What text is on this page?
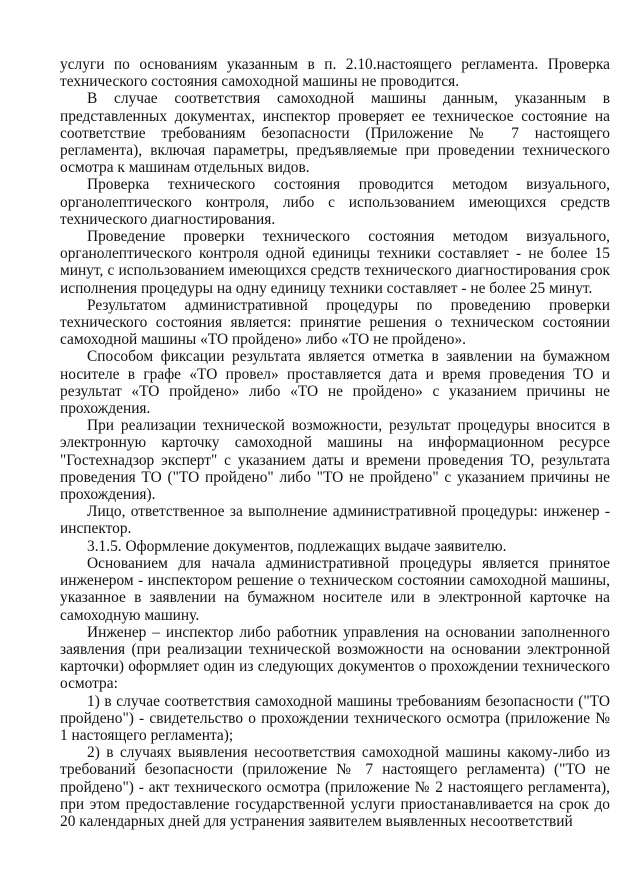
услуги по основаниям указанным в п. 2.10.настоящего регламента. Проверка технического состояния самоходной машины не проводится.

В случае соответствия самоходной машины данным, указанным в представленных документах, инспектор проверяет ее техническое состояние на соответствие требованиям безопасности (Приложение № 7 настоящего регламента), включая параметры, предъявляемые при проведении технического осмотра к машинам отдельных видов.

Проверка технического состояния проводится методом визуального, органолептического контроля, либо с использованием имеющихся средств технического диагностирования.

Проведение проверки технического состояния методом визуального, органолептического контроля одной единицы техники составляет - не более 15 минут, с использованием имеющихся средств технического диагностирования срок исполнения процедуры на одну единицу техники составляет - не более 25 минут.

Результатом административной процедуры по проведению проверки технического состояния является: принятие решения о техническом состоянии самоходной машины «ТО пройдено» либо «ТО не пройдено».

Способом фиксации результата является отметка в заявлении на бумажном носителе в графе «ТО провел» проставляется дата и время проведения ТО и результат «ТО пройдено» либо «ТО не пройдено» с указанием причины не прохождения.

При реализации технической возможности, результат процедуры вносится в электронную карточку самоходной машины на информационном ресурсе "Гостехнадзор эксперт" с указанием даты и времени проведения ТО, результата проведения ТО ("ТО пройдено" либо "ТО не пройдено" с указанием причины не прохождения).

Лицо, ответственное за выполнение административной процедуры: инженер - инспектор.

3.1.5. Оформление документов, подлежащих выдаче заявителю.

Основанием для начала административной процедуры является принятое инженером - инспектором решение о техническом состоянии самоходной машины, указанное в заявлении на бумажном носителе или в электронной карточке на самоходную машину.

Инженер – инспектор либо работник управления на основании заполненного заявления (при реализации технической возможности на основании электронной карточки) оформляет один из следующих документов о прохождении технического осмотра:

1) в случае соответствия самоходной машины требованиям безопасности ("ТО пройдено") - свидетельство о прохождении технического осмотра (приложение № 1 настоящего регламента);

2) в случаях выявления несоответствия самоходной машины какому-либо из требований безопасности (приложение № 7 настоящего регламента) ("ТО не пройдено") - акт технического осмотра (приложение № 2 настоящего регламента), при этом предоставление государственной услуги приостанавливается на срок до 20 календарных дней для устранения заявителем выявленных несоответствий
